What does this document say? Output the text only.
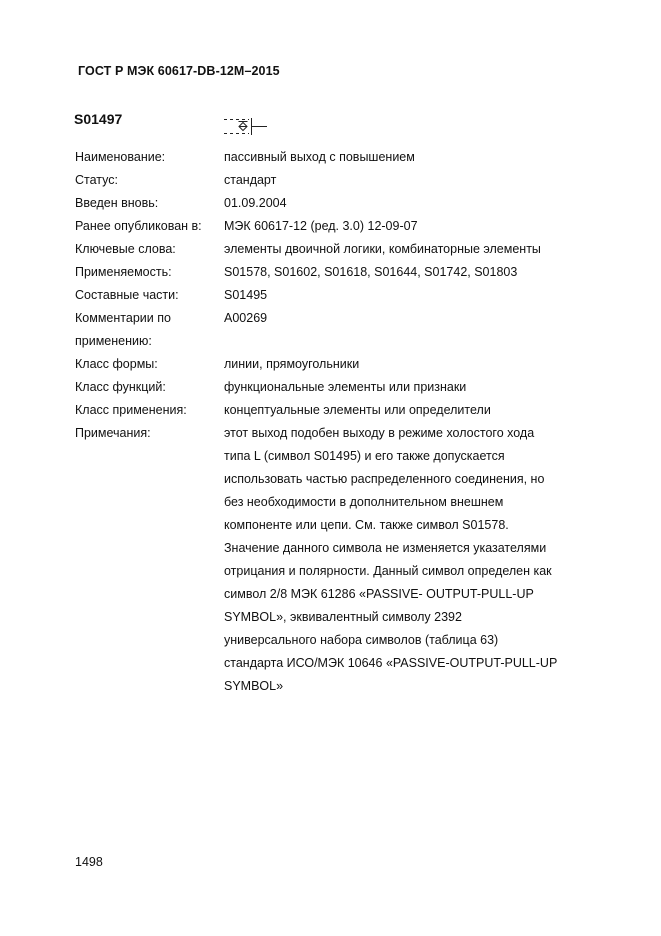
ГОСТ Р МЭК 60617-DB-12M–2015
S01497
Наименование:	пассивный выход с повышением
Статус:	стандарт
Введен вновь:	01.09.2004
Ранее опубликован в: МЭК 60617-12 (ред. 3.0) 12-09-07
Ключевые слова:	элементы двоичной логики, комбинаторные элементы
Применяемость:	S01578, S01602, S01618, S01644, S01742, S01803
Составные части:	S01495
Комментарии по	A00269
применению:
Класс формы:	линии, прямоугольники
Класс функций:	функциональные элементы или признаки
Класс применения:	концептуальные элементы или определители
Примечания:	этот выход подобен выходу в режиме холостого хода
типа L (символ S01495) и его также допускается
использовать частью распределенного соединения, но
без необходимости в дополнительном внешнем
компоненте или цепи. См. также символ S01578.
Значение данного символа не изменяется указателями
отрицания и полярности. Данный символ определен как
символ 2/8 МЭК 61286 «PASSIVE- OUTPUT-PULL-UP
SYMBOL», эквивалентный символу 2392
универсального набора символов (таблица 63)
стандарта ИСО/МЭК 10646 «PASSIVE-OUTPUT-PULL-UP
SYMBOL»
1498
